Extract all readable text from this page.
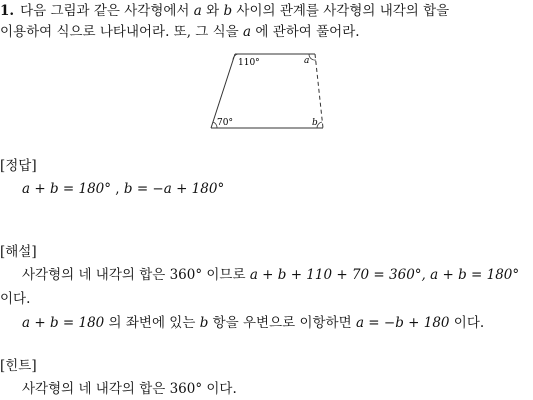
1. 다음 그림과 같은 사각형에서 a 와 b 사이의 관계를 사각형의 내각의 합을
이용하여 식으로 나타내어라. 또, 그 식을 a 에 관하여 풀어라.
110°
70°
a
b
[정답]
a + b = 180° , b = −a + 180°
[해설]
사각형의 네 내각의 합은 360° 이므로 a + b + 110 + 70 = 360°, a + b = 180°
이다.
a + b = 180 의 좌변에 있는 b 항을 우변으로 이항하면 a = −b + 180 이다.
[힌트]
사각형의 네 내각의 합은 360° 이다.
